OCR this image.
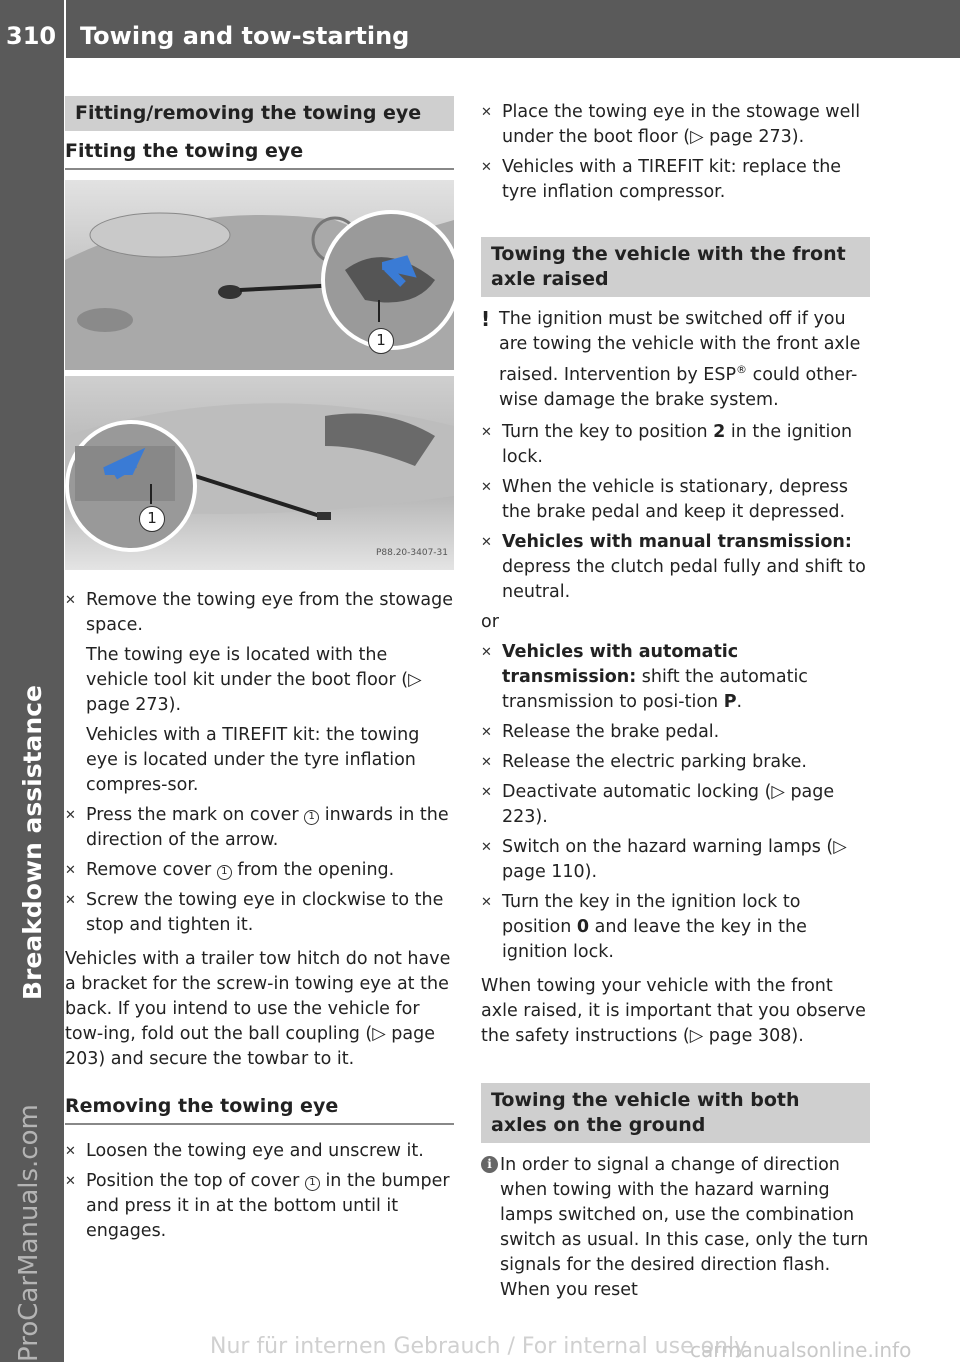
310 Towing and tow-starting
Breakdown assistance
ProCarManuals.com
Fitting/removing the towing eye
Fitting the towing eye
1
1
P88.20-3407-31
✕ Remove the towing eye from the stowage space.

The towing eye is located with the vehicle tool kit under the boot floor (▷ page 273).

Vehicles with a TIREFIT kit: the towing eye is located under the tyre inflation compres-sor.

✕ Press the mark on cover 1 inwards in the direction of the arrow.

✕ Remove cover 1 from the opening.

✕ Screw the towing eye in clockwise to the stop and tighten it.

Vehicles with a trailer tow hitch do not have a bracket for the screw-in towing eye at the back. If you intend to use the vehicle for tow-ing, fold out the ball coupling (▷ page 203) and secure the towbar to it.

Removing the towing eye
✕ Loosen the towing eye and unscrew it.

✕ Position the top of cover 1 in the bumper and press it in at the bottom until it engages.

✕ Place the towing eye in the stowage well under the boot floor (▷ page 273).

✕ Vehicles with a TIREFIT kit: replace the tyre inflation compressor.

Towing the vehicle with the front axle raised
! The ignition must be switched off if you are towing the vehicle with the front axle raised. Intervention by ESP® could other-wise damage the brake system.

✕ Turn the key to position 2 in the ignition lock.

✕ When the vehicle is stationary, depress the brake pedal and keep it depressed.

✕ Vehicles with manual transmission: depress the clutch pedal fully and shift to neutral.

or

✕ Vehicles with automatic transmission: shift the automatic transmission to posi-tion P.

✕ Release the brake pedal.

✕ Release the electric parking brake.

✕ Deactivate automatic locking (▷ page 223).

✕ Switch on the hazard warning lamps (▷ page 110).

✕ Turn the key in the ignition lock to position 0 and leave the key in the ignition lock.

When towing your vehicle with the front axle raised, it is important that you observe the safety instructions (▷ page 308).

Towing the vehicle with both axles on the ground
i In order to signal a change of direction when towing with the hazard warning lamps switched on, use the combination switch as usual. In this case, only the turn signals for the desired direction flash. When you reset

Nur für internen Gebrauch / For internal use only
carmanualsonline.info
